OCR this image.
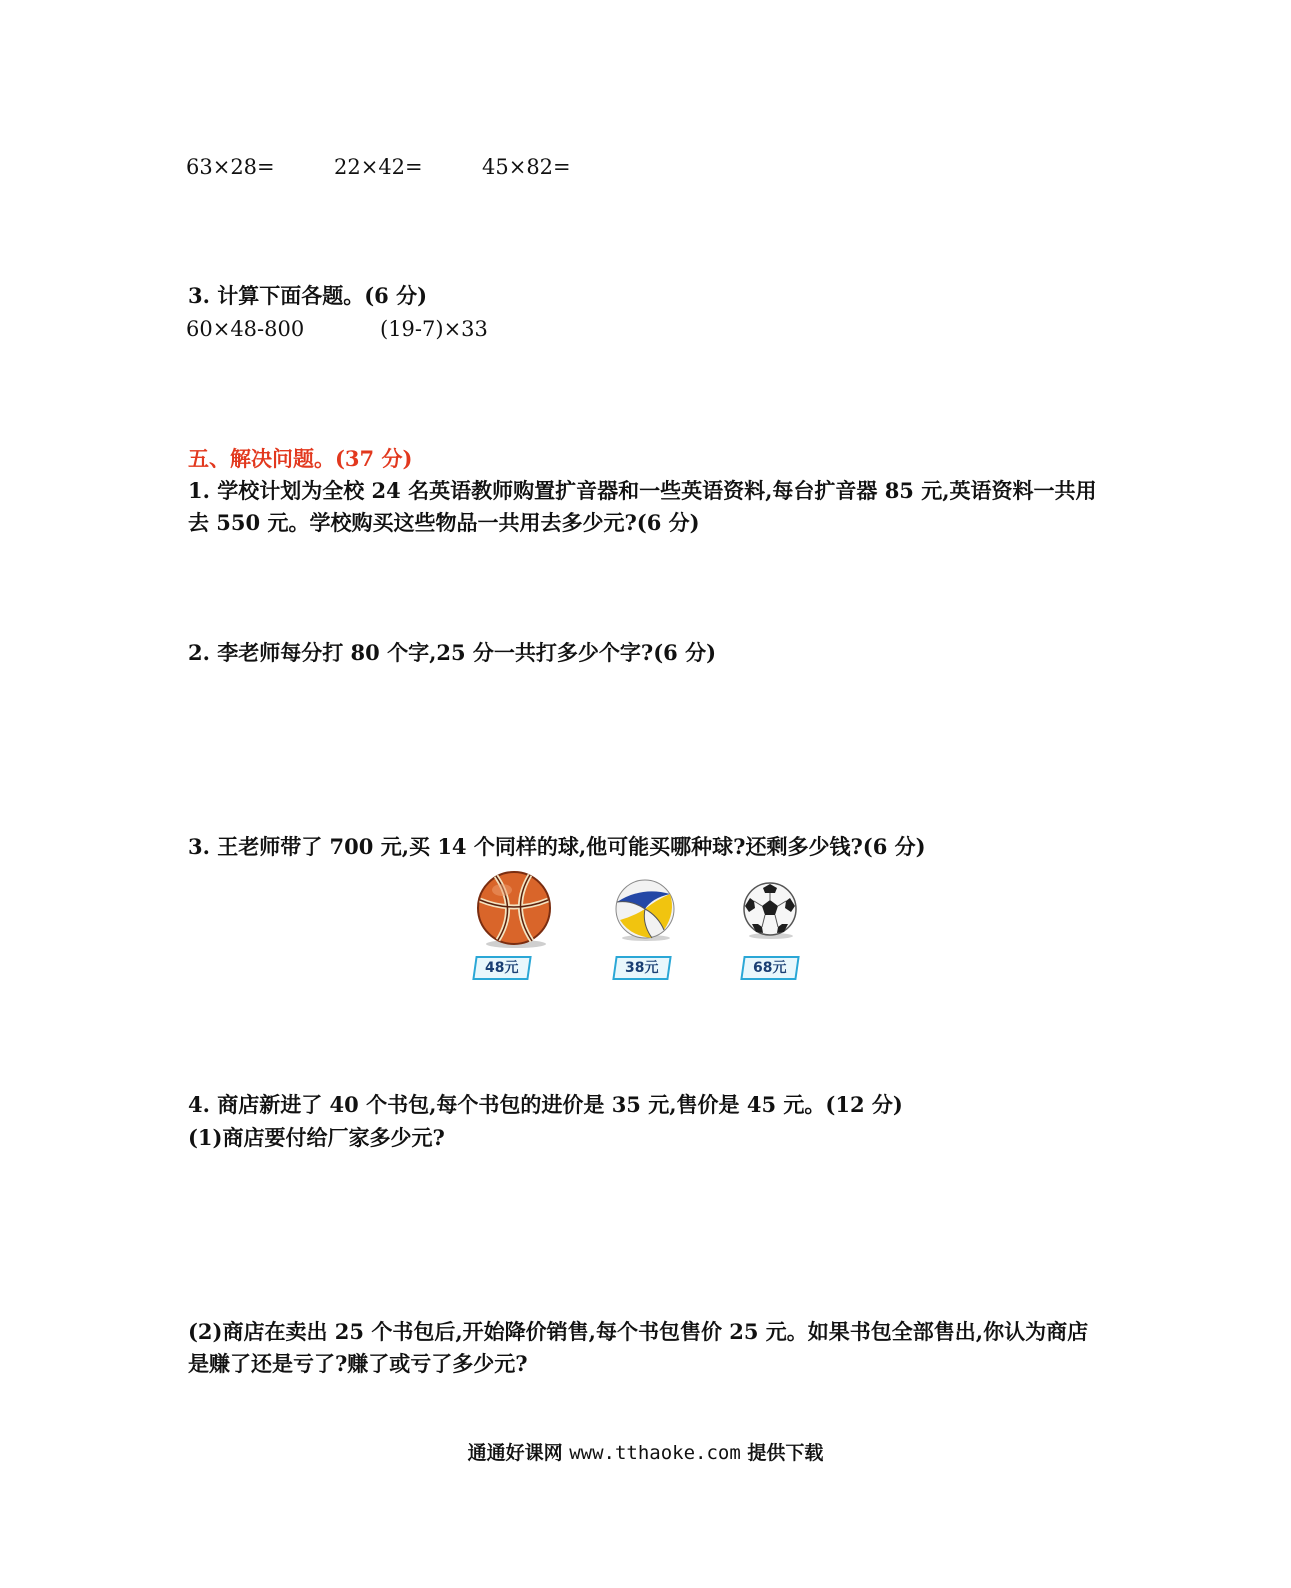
63×28=	22×42=	45×82=
3. 计算下面各题。(6 分)
60×48-800	(19-7)×33
五、解决问题。(37 分)
1. 学校计划为全校 24 名英语教师购置扩音器和一些英语资料,每台扩音器 85 元,英语资料一共用
去 550 元。学校购买这些物品一共用去多少元?(6 分)
2. 李老师每分打 80 个字,25 分一共打多少个字?(6 分)
3. 王老师带了 700 元,买 14 个同样的球,他可能买哪种球?还剩多少钱?(6 分)
48元	38元	68元
4. 商店新进了 40 个书包,每个书包的进价是 35 元,售价是 45 元。(12 分)
(1)商店要付给厂家多少元?
(2)商店在卖出 25 个书包后,开始降价销售,每个书包售价 25 元。如果书包全部售出,你认为商店
是赚了还是亏了?赚了或亏了多少元?
通通好课网 www.tthaoke.com 提供下载
